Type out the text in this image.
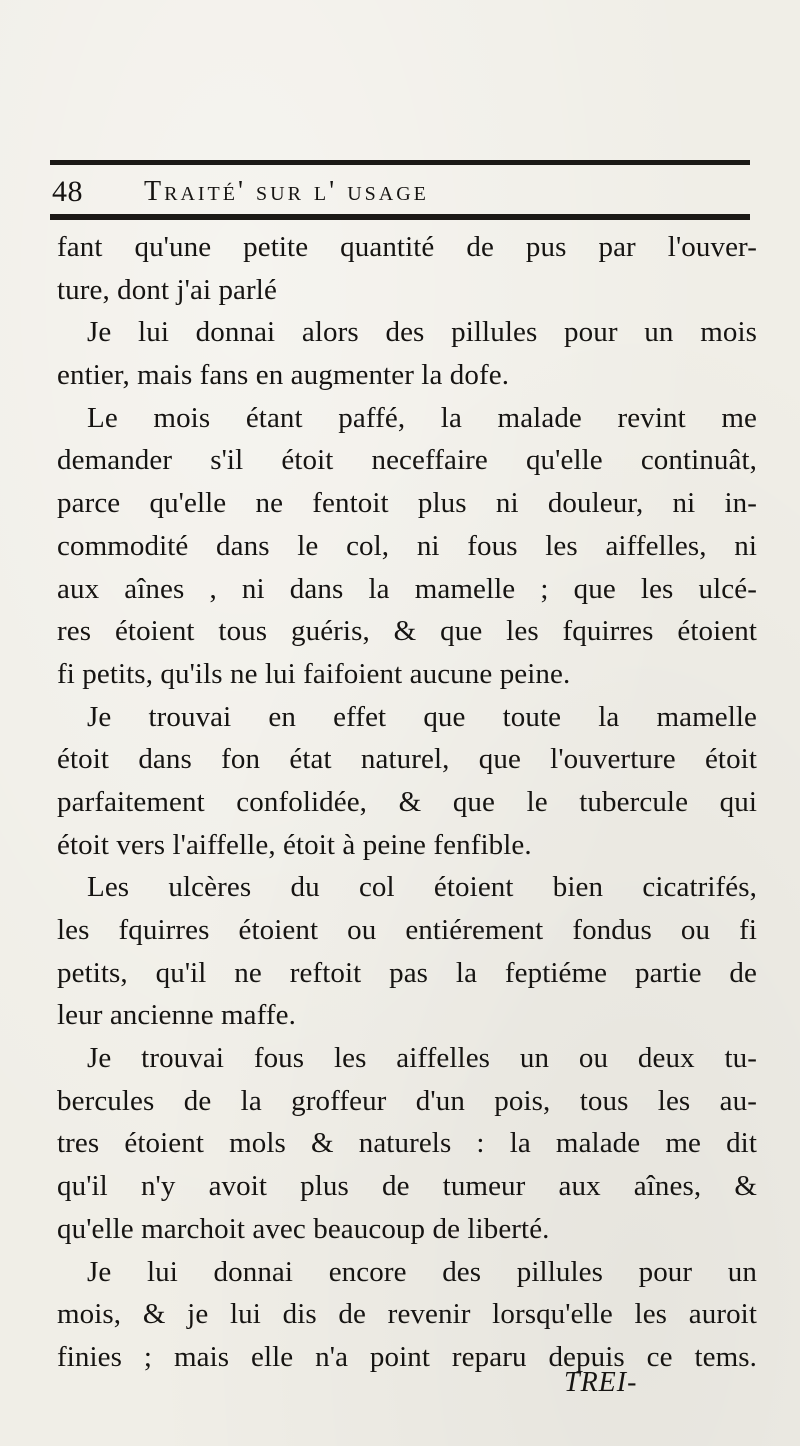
48 Traité' sur l' usage
fant qu'une petite quantité de pus par l'ouver-
ture, dont j'ai parlé
Je lui donnai alors des pillules pour un mois
entier, mais fans en augmenter la dofe.
Le mois étant paffé, la malade revint me
demander s'il étoit neceffaire qu'elle continuât,
parce qu'elle ne fentoit plus ni douleur, ni in-
commodité dans le col, ni fous les aiffelles, ni
aux aînes , ni dans la mamelle ; que les ulcé-
res étoient tous guéris, & que les fquirres étoient
fi petits, qu'ils ne lui faifoient aucune peine.
Je trouvai en effet que toute la mamelle
étoit dans fon état naturel, que l'ouverture étoit
parfaitement confolidée, & que le tubercule qui
étoit vers l'aiffelle, étoit à peine fenfible.
Les ulcères du col étoient bien cicatrifés,
les fquirres étoient ou entiérement fondus ou fi
petits, qu'il ne reftoit pas la feptiéme partie de
leur ancienne maffe.
Je trouvai fous les aiffelles un ou deux tu-
bercules de la groffeur d'un pois, tous les au-
tres étoient mols & naturels : la malade me dit
qu'il n'y avoit plus de tumeur aux aînes, &
qu'elle marchoit avec beaucoup de liberté.
Je lui donnai encore des pillules pour un
mois, & je lui dis de revenir lorsqu'elle les auroit
finies ; mais elle n'a point reparu depuis ce tems.
TREI-
